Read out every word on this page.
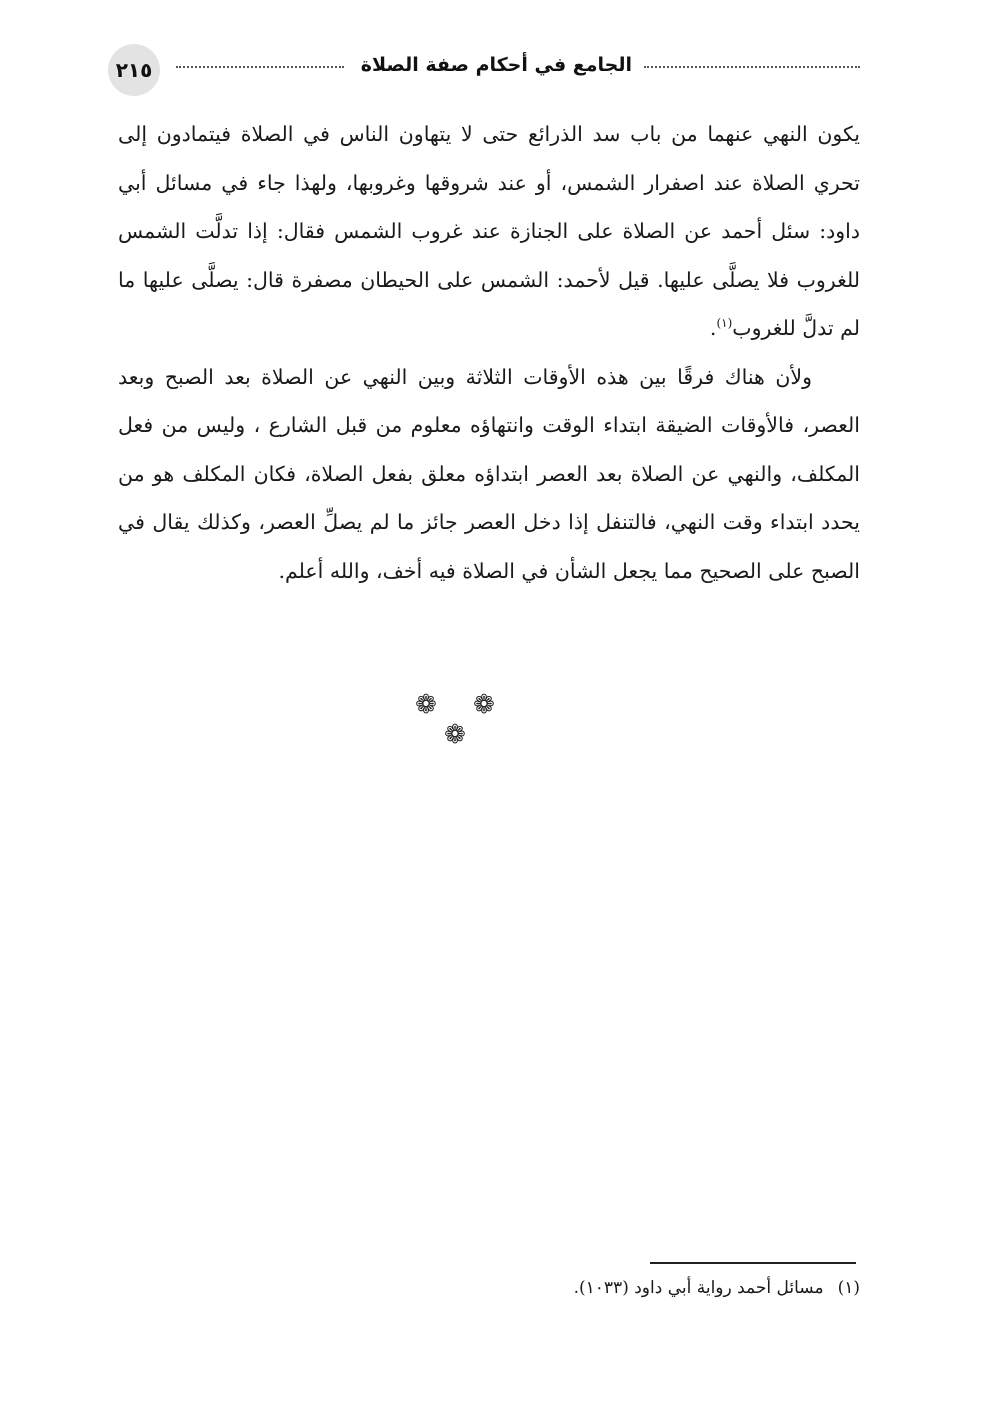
٢١٥	الجامع في أحكام صفة الصلاة

يكون النهي عنهما من باب سد الذرائع حتى لا يتهاون الناس في الصلاة فيتمادون إلى تحري الصلاة عند اصفرار الشمس، أو عند شروقها وغروبها، ولهذا جاء في مسائل أبي داود: سئل أحمد عن الصلاة على الجنازة عند غروب الشمس فقال: إذا تدلَّت الشمس للغروب فلا يصلَّى عليها. قيل لأحمد: الشمس على الحيطان مصفرة قال: يصلَّى عليها ما لم تدلَّ للغروب$^{(١)}$.

ولأن هناك فرقًا بين هذه الأوقات الثلاثة وبين النهي عن الصلاة بعد الصبح وبعد العصر، فالأوقات الضيقة ابتداء الوقت وانتهاؤه معلوم من قبل الشارع ، وليس من فعل المكلف، والنهي عن الصلاة بعد العصر ابتداؤه معلق بفعل الصلاة، فكان المكلف هو من يحدد ابتداء وقت النهي، فالتنفل إذا دخل العصر جائز ما لم يصلِّ العصر، وكذلك يقال في الصبح على الصحيح مما يجعل الشأن في الصلاة فيه أخف، والله أعلم.

❁ ❁ ❁
(١)مسائل أحمد رواية أبي داود (١٠٣٣).
